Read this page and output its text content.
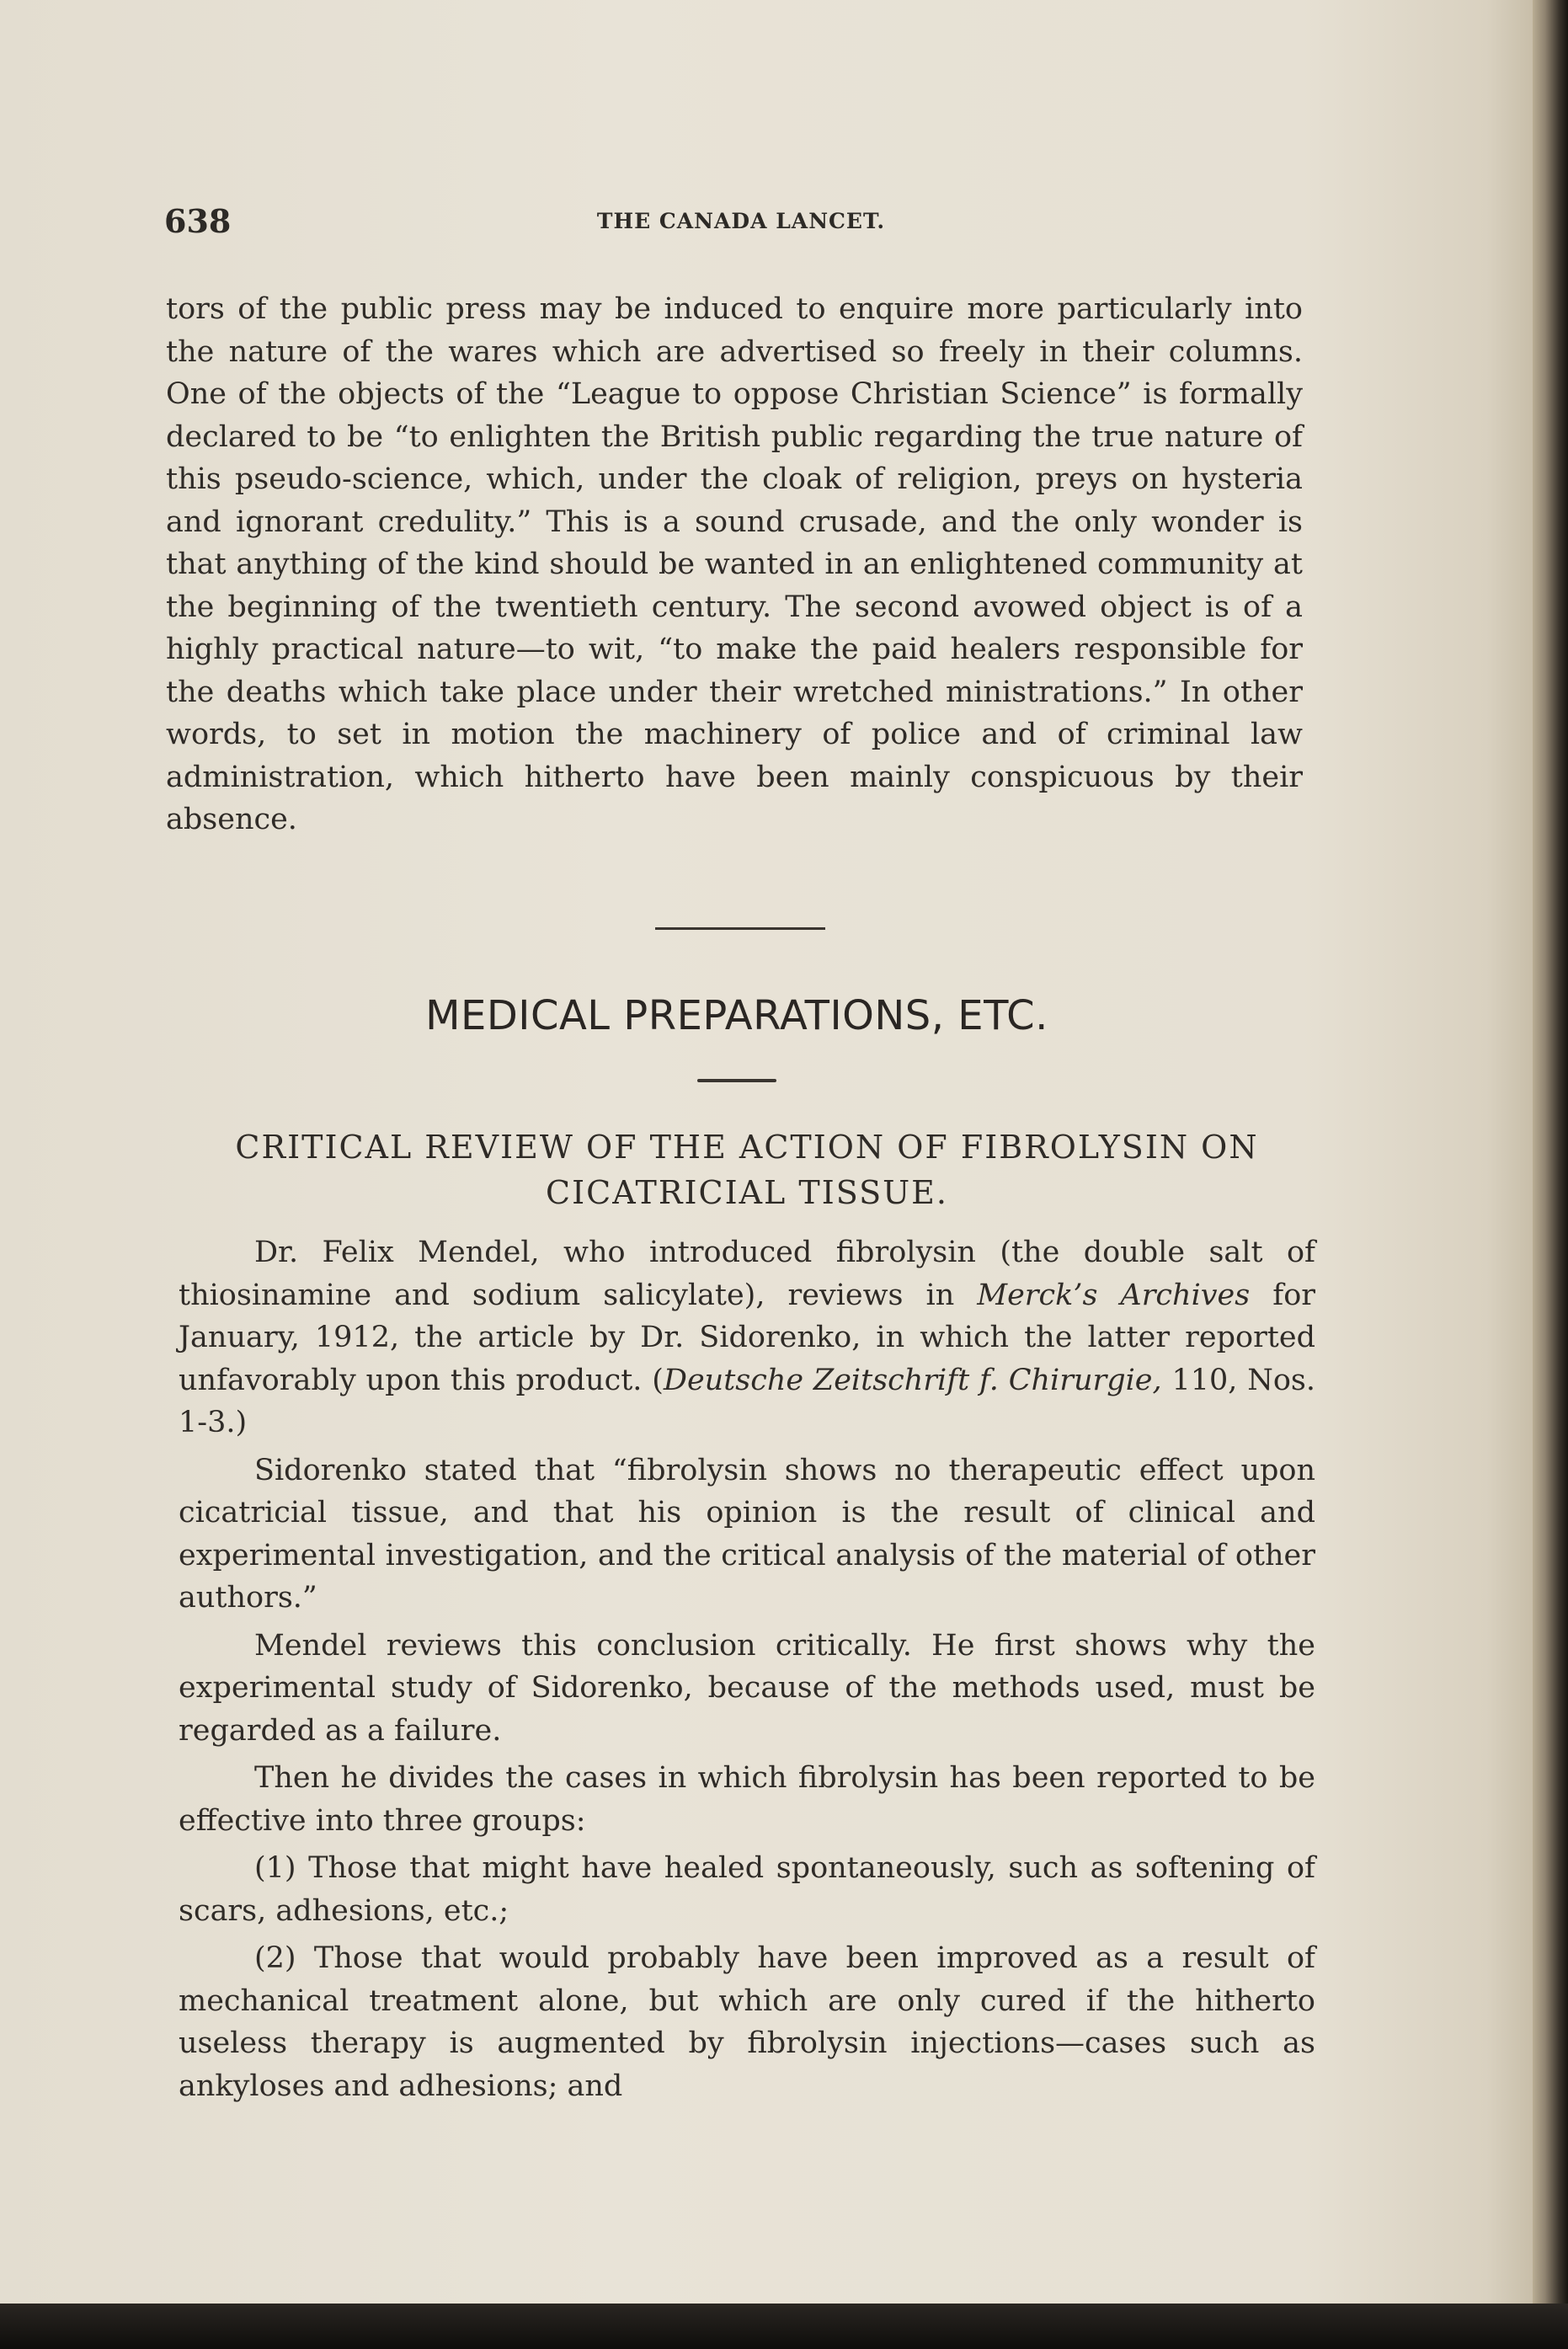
638	THE CANADA LANCET.

tors of the public press may be induced to enquire more particularly into the nature of the wares which are advertised so freely in their columns. One of the objects of the “League to oppose Christian Science” is formally declared to be “to enlighten the British public regarding the true nature of this pseudo-science, which, under the cloak of religion, preys on hysteria and ignorant credulity.” This is a sound crusade, and the only wonder is that anything of the kind should be wanted in an enlightened community at the beginning of the twentieth century. The second avowed object is of a highly practical nature—to wit, “to make the paid healers responsible for the deaths which take place under their wretched ministrations.” In other words, to set in motion the machinery of police and of criminal law administration, which hitherto have been mainly conspicuous by their absence.

MEDICAL PREPARATIONS, ETC.
CRITICAL REVIEW OF THE ACTION OF FIBROLYSIN ON CICATRICIAL TISSUE.

Dr. Felix Mendel, who introduced fibrolysin (the double salt of thiosinamine and sodium salicylate), reviews in Merck’s Archives for January, 1912, the article by Dr. Sidorenko, in which the latter reported unfavorably upon this product. (Deutsche Zeitschrift f. Chirurgie, 110, Nos. 1-3.)

Sidorenko stated that “fibrolysin shows no therapeutic effect upon cicatricial tissue, and that his opinion is the result of clinical and experimental investigation, and the critical analysis of the material of other authors.”

Mendel reviews this conclusion critically. He first shows why the experimental study of Sidorenko, because of the methods used, must be regarded as a failure.

Then he divides the cases in which fibrolysin has been reported to be effective into three groups:

(1) Those that might have healed spontaneously, such as softening of scars, adhesions, etc.;

(2) Those that would probably have been improved as a result of mechanical treatment alone, but which are only cured if the hitherto useless therapy is augmented by fibrolysin injections—cases such as ankyloses and adhesions; and
